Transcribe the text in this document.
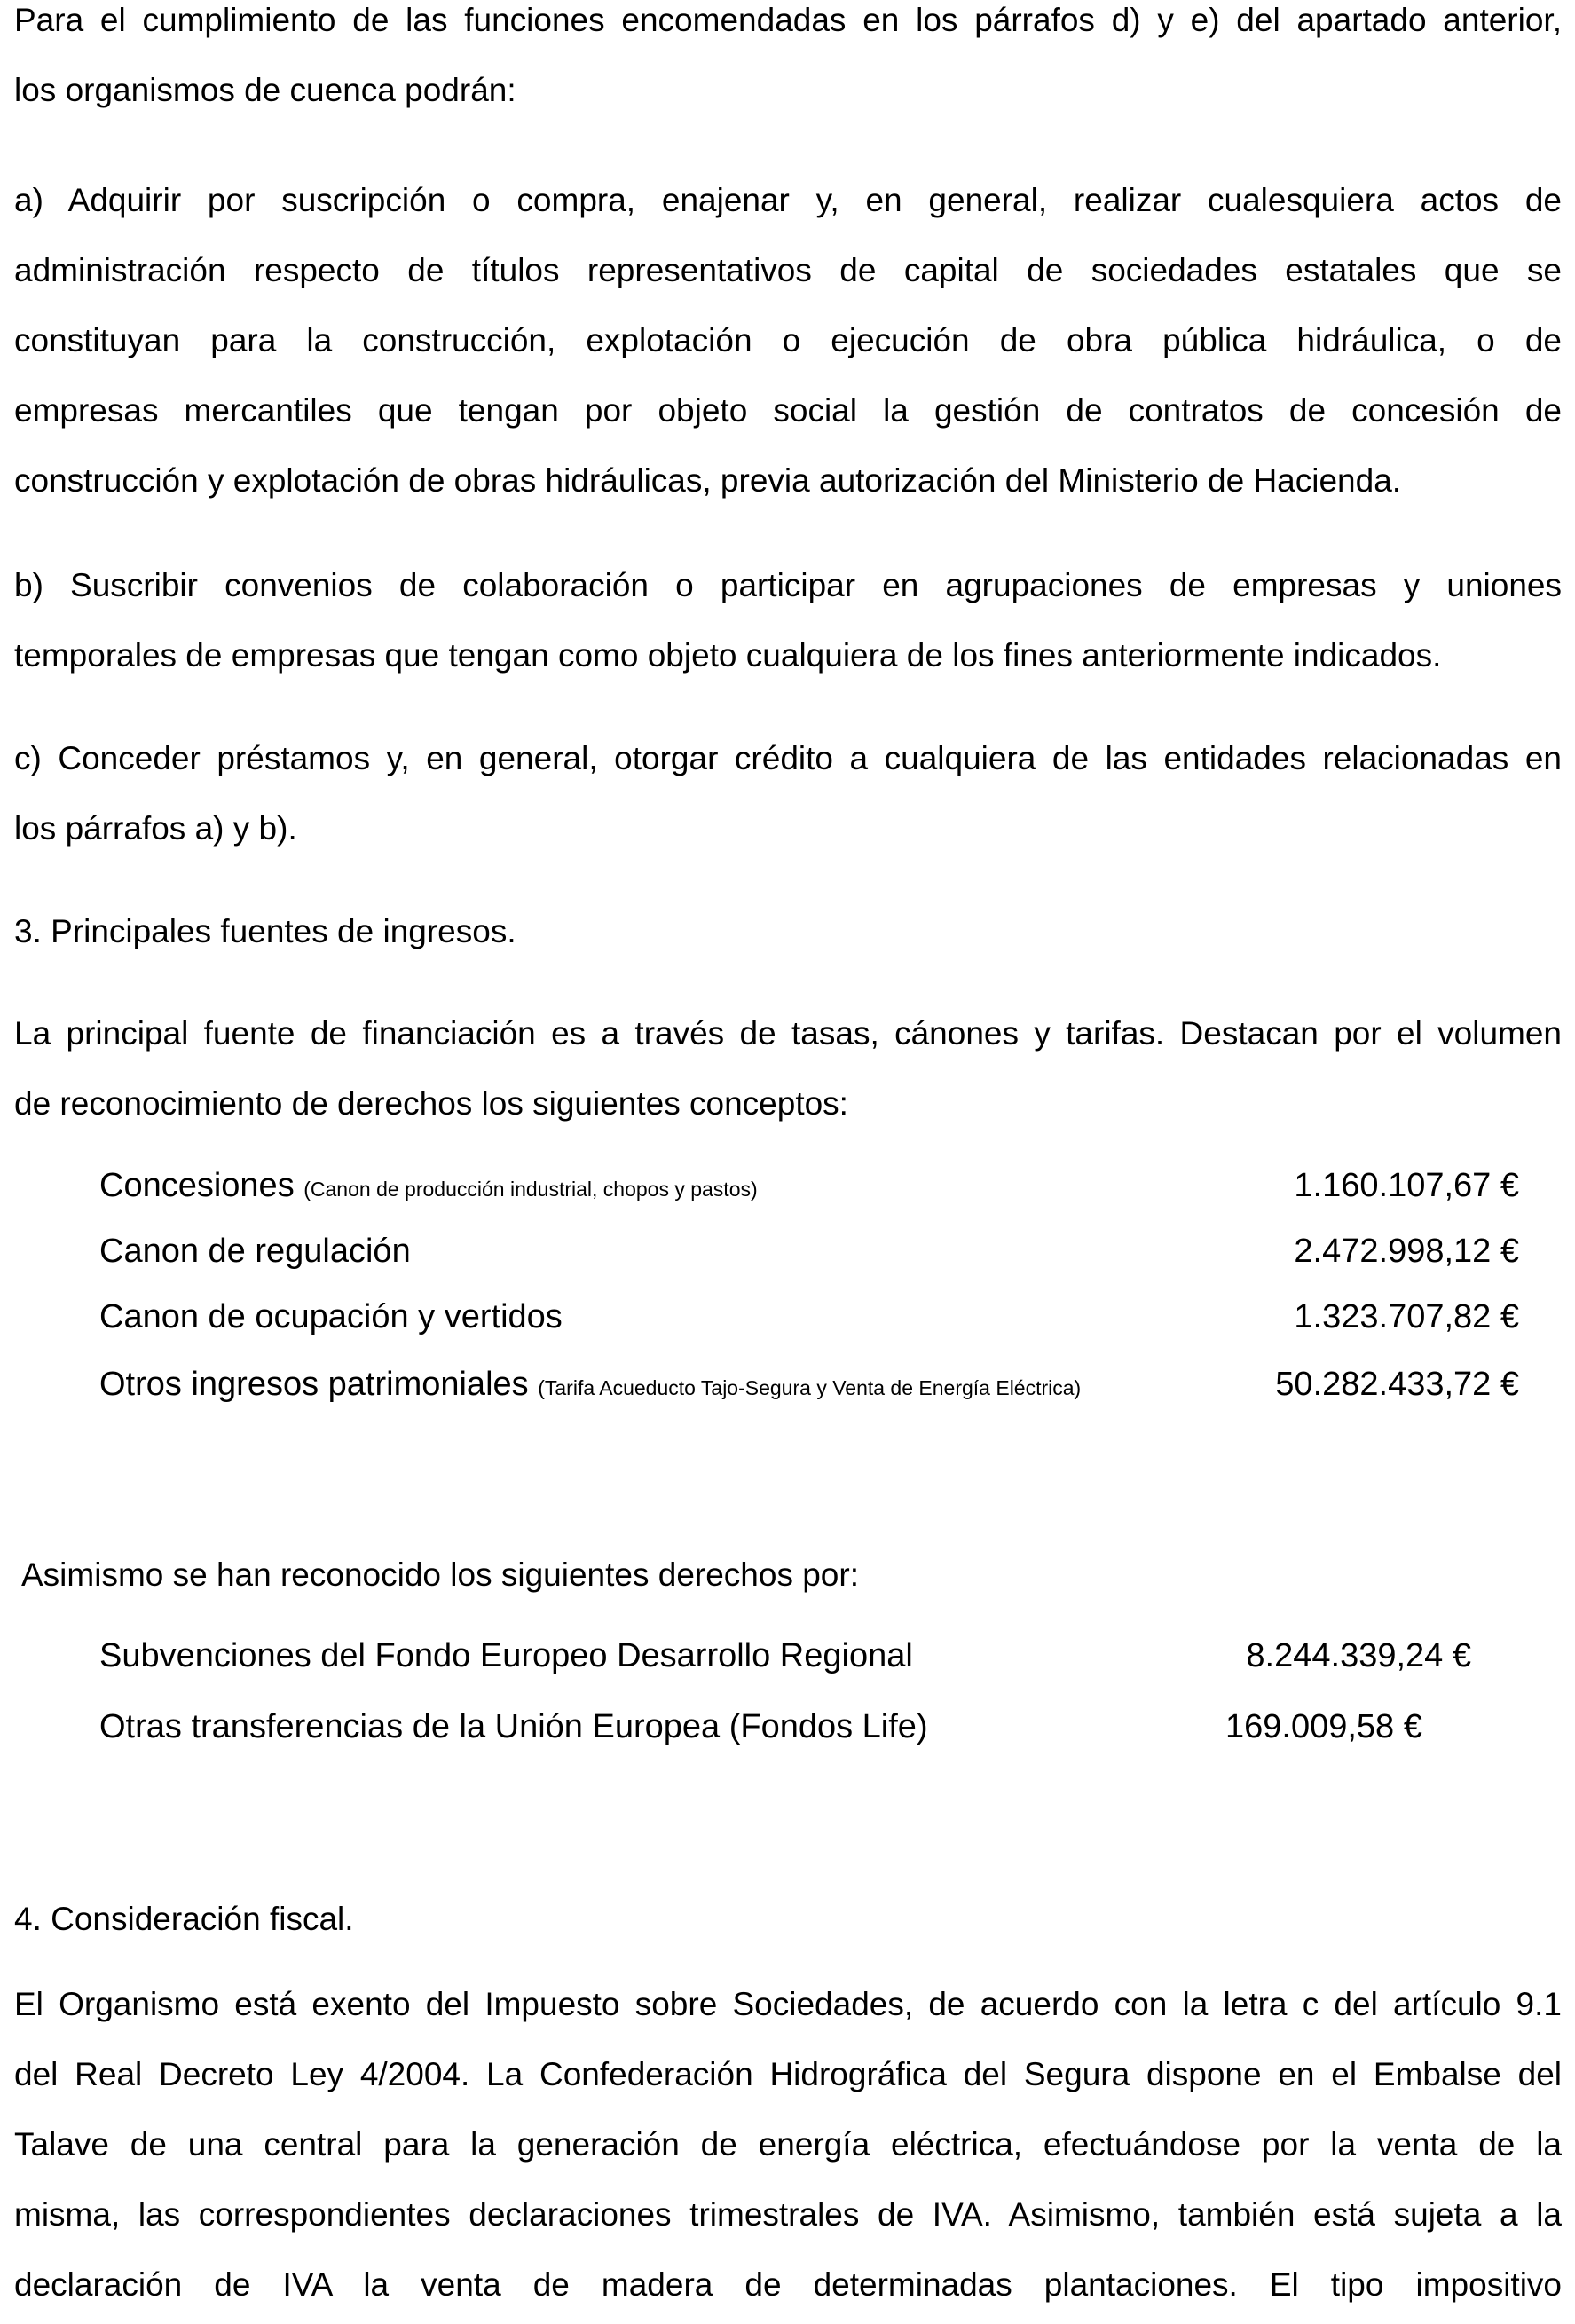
Para el cumplimiento de las funciones encomendadas en los párrafos d) y e) del apartado anterior,

los organismos de cuenca podrán:

a) Adquirir por suscripción o compra, enajenar y, en general, realizar cualesquiera actos de

administración respecto de títulos representativos de capital de sociedades estatales que se

constituyan para la construcción, explotación o ejecución de obra pública hidráulica, o de

empresas mercantiles que tengan por objeto social la gestión de contratos de concesión de

construcción y explotación de obras hidráulicas, previa autorización del Ministerio de Hacienda.

b) Suscribir convenios de colaboración o participar en agrupaciones de empresas y uniones

temporales de empresas que tengan como objeto cualquiera de los fines anteriormente indicados.

c) Conceder préstamos y, en general, otorgar crédito a cualquiera de las entidades relacionadas en

los párrafos a) y b).

3. Principales fuentes de ingresos.

La principal fuente de financiación es a través de tasas, cánones y tarifas. Destacan por el volumen

de reconocimiento de derechos los siguientes conceptos:

Concesiones (Canon de producción industrial, chopos y pastos)	1.160.107,67 €
Canon de regulación	2.472.998,12 €
Canon de ocupación y vertidos	1.323.707,82 €
Otros ingresos patrimoniales (Tarifa Acueducto Tajo-Segura y Venta de Energía Eléctrica)	50.282.433,72 €

Asimismo se han reconocido los siguientes derechos por:

Subvenciones del Fondo Europeo Desarrollo Regional	8.244.339,24 €
Otras transferencias de la Unión Europea (Fondos Life)	169.009,58 €

4. Consideración fiscal.

El Organismo está exento del Impuesto sobre Sociedades, de acuerdo con la letra c del artículo 9.1

del Real Decreto Ley 4/2004. La Confederación Hidrográfica del Segura dispone en el Embalse del

Talave de una central para la generación de energía eléctrica, efectuándose por la venta de la

misma, las correspondientes declaraciones trimestrales de IVA. Asimismo, también está sujeta a la

declaración de IVA la venta de madera de determinadas plantaciones. El tipo impositivo
